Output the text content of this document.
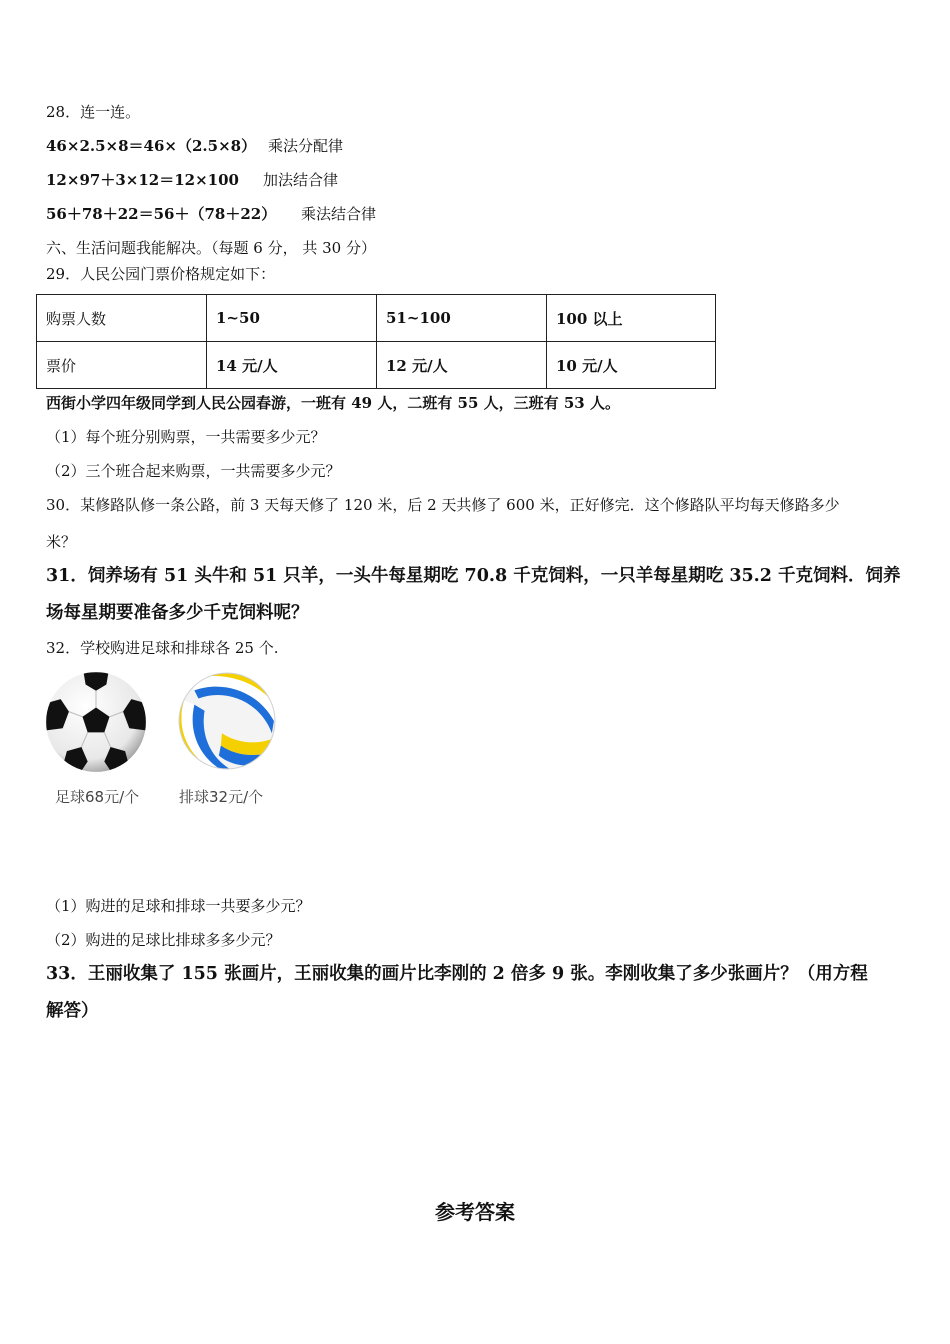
28．连一连。
46×2.5×8＝46×（2.5×8） 乘法分配律
12×97＋3×12＝12×100 加法结合律
56＋78＋22＝56＋（78＋22） 乘法结合律
六、生活问题我能解决。（每题 6 分， 共 30 分）
29．人民公园门票价格规定如下：
购票人数	1~50	51~100	100 以上
票价	14 元/人	12 元/人	10 元/人
西街小学四年级同学到人民公园春游，一班有 49 人，二班有 55 人，三班有 53 人。
（1）每个班分别购票，一共需要多少元？
（2）三个班合起来购票，一共需要多少元？
30．某修路队修一条公路，前 3 天每天修了 120 米，后 2 天共修了 600 米，正好修完．这个修路队平均每天修路多少
米？
31．饲养场有 51 头牛和 51 只羊，一头牛每星期吃 70.8 千克饲料，一只羊每星期吃 35.2 千克饲料．饲养
场每星期要准备多少千克饲料呢？
32．学校购进足球和排球各 25 个.
足球68元/个	排球32元/个
（1）购进的足球和排球一共要多少元？
（2）购进的足球比排球多多少元？
33．王丽收集了 155 张画片，王丽收集的画片比李刚的 2 倍多 9 张。李刚收集了多少张画片？（用方程
解答）
参考答案
